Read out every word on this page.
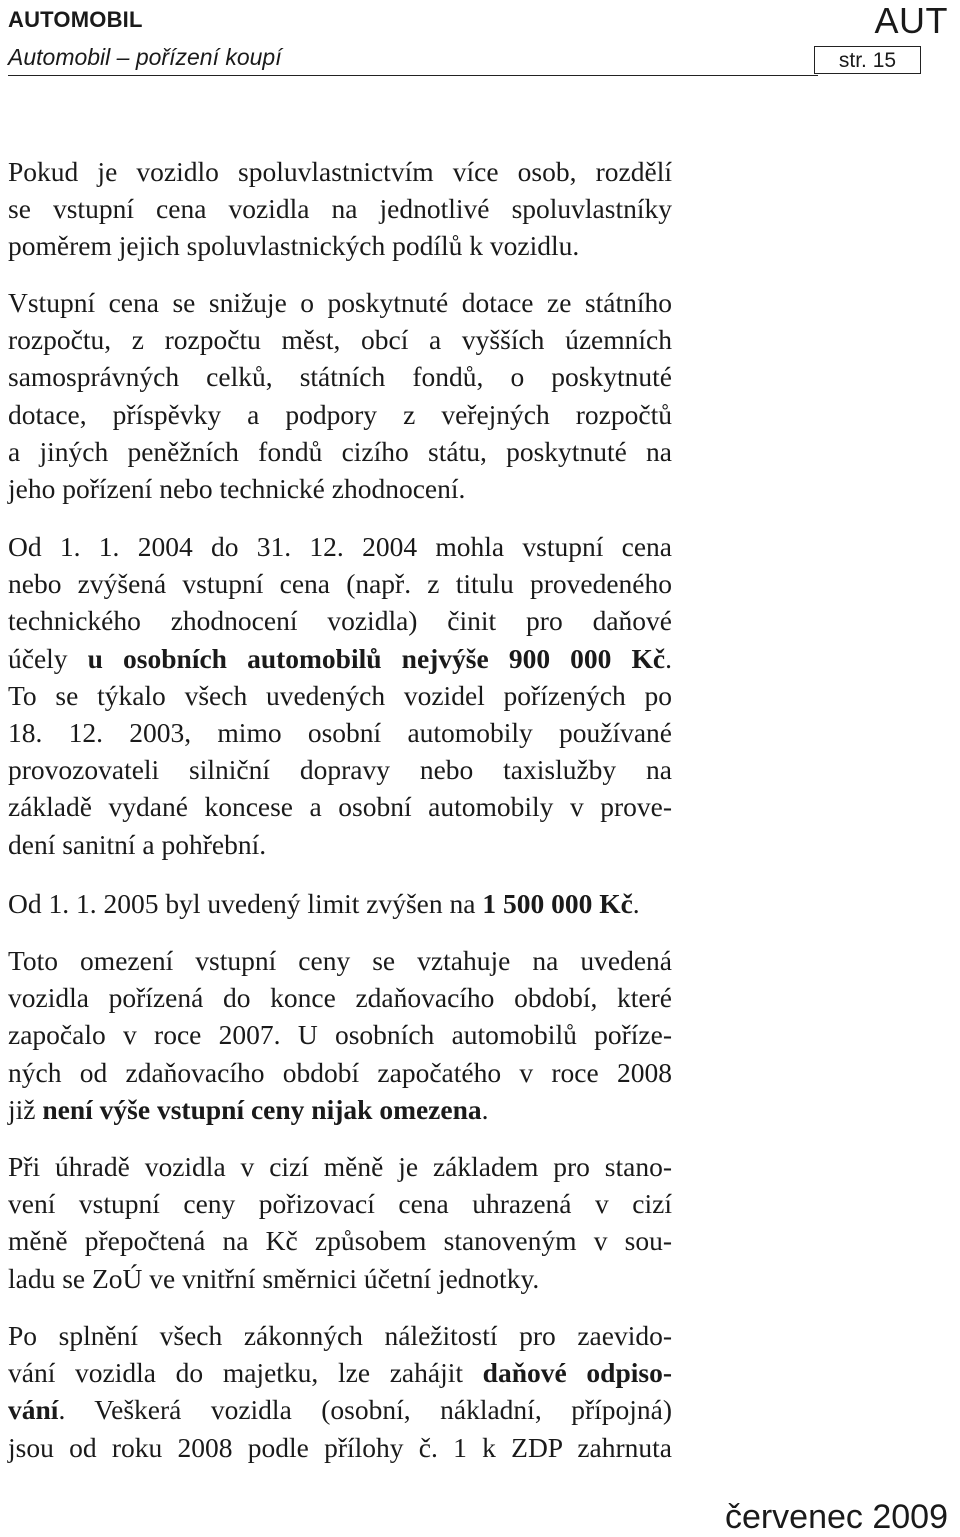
AUTOMOBIL	AUT
Automobil – pořízení koupí	str. 15
Pokud je vozidlo spoluvlastnictvím více osob, rozdělí
se vstupní cena vozidla na jednotlivé spoluvlastníky
poměrem jejich spoluvlastnických podílů k vozidlu.
Vstupní cena se snižuje o poskytnuté dotace ze státního
rozpočtu, z rozpočtu měst, obcí a vyšších územních
samosprávných celků, státních fondů, o poskytnuté
dotace, příspěvky a podpory z veřejných rozpočtů
a jiných peněžních fondů cizího státu, poskytnuté na
jeho pořízení nebo technické zhodnocení.
Od 1. 1. 2004 do 31. 12. 2004 mohla vstupní cena
nebo zvýšená vstupní cena (např. z titulu provedeného
technického zhodnocení vozidla) činit pro daňové
účely u osobních automobilů nejvýše 900 000 Kč.
To se týkalo všech uvedených vozidel pořízených po
18. 12. 2003, mimo osobní automobily používané
provozovateli silniční dopravy nebo taxislužby na
základě vydané koncese a osobní automobily v prove-
dení sanitní a pohřební.
Od 1. 1. 2005 byl uvedený limit zvýšen na 1 500 000 Kč.
Toto omezení vstupní ceny se vztahuje na uvedená
vozidla pořízená do konce zdaňovacího období, které
započalo v roce 2007. U osobních automobilů poříze-
ných od zdaňovacího období započatého v roce 2008
již není výše vstupní ceny nijak omezena.
Při úhradě vozidla v cizí měně je základem pro stano-
vení vstupní ceny pořizovací cena uhrazená v cizí
měně přepočtená na Kč způsobem stanoveným v sou-
ladu se ZoÚ ve vnitřní směrnici účetní jednotky.
Po splnění všech zákonných náležitostí pro zaevido-
vání vozidla do majetku, lze zahájit daňové odpiso-
vání. Veškerá vozidla (osobní, nákladní, přípojná)
jsou od roku 2008 podle přílohy č. 1 k ZDP zahrnuta
červenec 2009
